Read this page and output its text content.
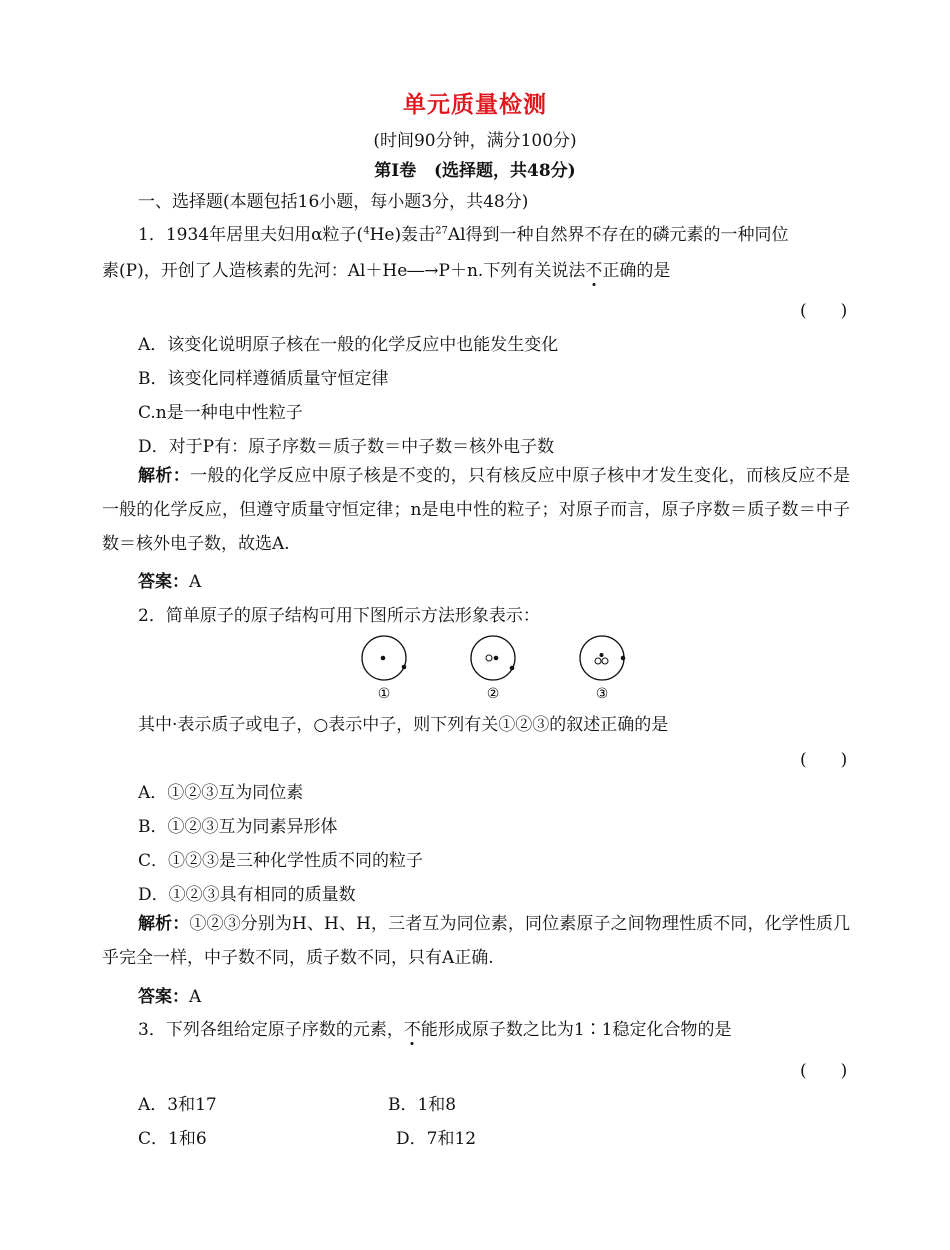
单元质量检测
(时间90分钟，满分100分)
第Ⅰ卷 (选择题，共48分)
一、选择题(本题包括16小题，每小题3分，共48分)
1．1934年居里夫妇用α粒子($^4$He)轰击$^{27}$Al得到一种自然界不存在的磷元素的一种同位
素(P)，开创了人造核素的先河：Al＋He―→P＋n.下列有关说法不正确的是
(　　)
A．该变化说明原子核在一般的化学反应中也能发生变化
B．该变化同样遵循质量守恒定律
C.n是一种电中性粒子
D．对于P有：原子序数＝质子数＝中子数＝核外电子数
解析：一般的化学反应中原子核是不变的，只有核反应中原子核中才发生变化，而核反应不是一般的化学反应，但遵守质量守恒定律；n是电中性的粒子；对原子而言，原子序数＝质子数＝中子数＝核外电子数，故选A.
答案：A
2．简单原子的原子结构可用下图所示方法形象表示：
①	②	③
其中·表示质子或电子，○表示中子，则下列有关①②③的叙述正确的是
(　　)
A．①②③互为同位素
B．①②③互为同素异形体
C．①②③是三种化学性质不同的粒子
D．①②③具有相同的质量数
解析：①②③分别为H、H、H，三者互为同位素，同位素原子之间物理性质不同，化学性质几乎完全一样，中子数不同，质子数不同，只有A正确.
答案：A
3．下列各组给定原子序数的元素，不能形成原子数之比为1∶1稳定化合物的是
(　　)
A．3和17	B．1和8
C．1和6	D．7和12
